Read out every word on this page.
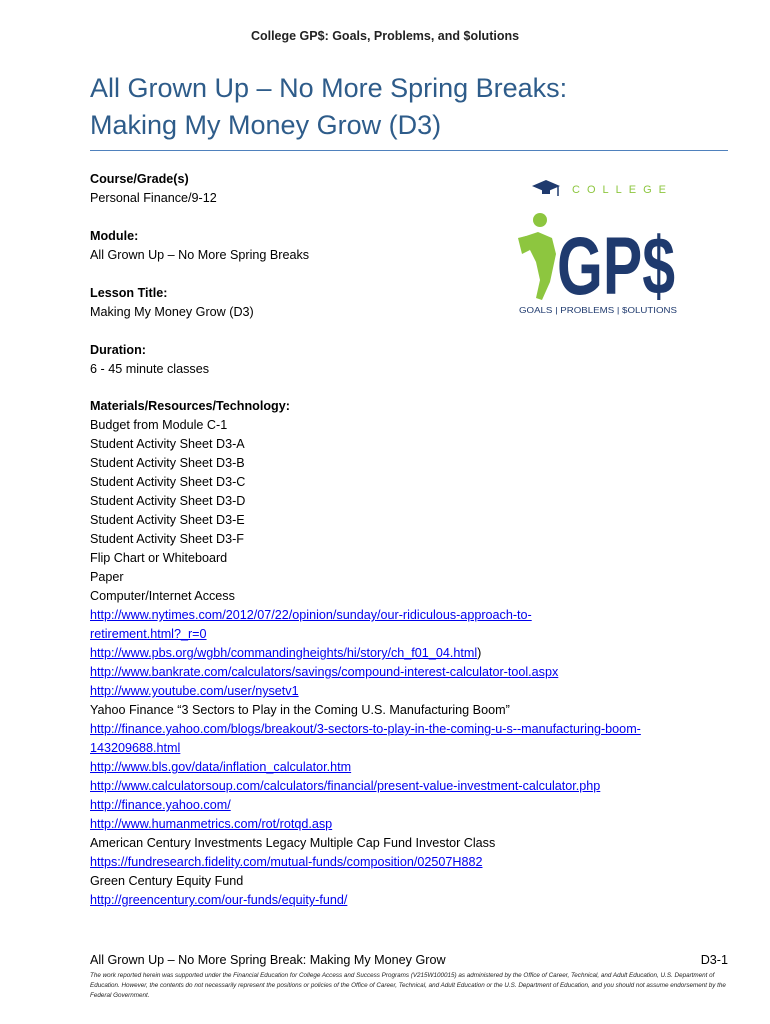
College GP$: Goals, Problems, and $olutions
All Grown Up – No More Spring Breaks:
Making My Money Grow (D3)
Course/Grade(s)
Personal Finance/9-12
Module:
All Grown Up – No More Spring Breaks
Lesson Title:
Making My Money Grow (D3)
Duration:
6 - 45 minute classes
COLLEGE
GP$
GOALS | PROBLEMS | $OLUTIONS
Materials/Resources/Technology:
Budget from Module C-1
Student Activity Sheet D3-A
Student Activity Sheet D3-B
Student Activity Sheet D3-C
Student Activity Sheet D3-D
Student Activity Sheet D3-E
Student Activity Sheet D3-F
Flip Chart or Whiteboard
Paper
Computer/Internet Access
http://www.nytimes.com/2012/07/22/opinion/sunday/our-ridiculous-approach-to-
retirement.html?_r=0
http://www.pbs.org/wgbh/commandingheights/hi/story/ch_f01_04.html)
http://www.bankrate.com/calculators/savings/compound-interest-calculator-tool.aspx
http://www.youtube.com/user/nysetv1
Yahoo Finance “3 Sectors to Play in the Coming U.S. Manufacturing Boom”
http://finance.yahoo.com/blogs/breakout/3-sectors-to-play-in-the-coming-u-s--manufacturing-boom-
143209688.html
http://www.bls.gov/data/inflation_calculator.htm
http://www.calculatorsoup.com/calculators/financial/present-value-investment-calculator.php
http://finance.yahoo.com/
http://www.humanmetrics.com/rot/rotqd.asp
American Century Investments Legacy Multiple Cap Fund Investor Class
https://fundresearch.fidelity.com/mutual-funds/composition/02507H882
Green Century Equity Fund
http://greencentury.com/our-funds/equity-fund/
All Grown Up – No More Spring Break: Making My Money Grow	D3-1
The work reported herein was supported under the Financial Education for College Access and Success Programs (V215W100015) as administered by the Office of Career, Technical, and Adult Education, U.S. Department of Education. However, the contents do not necessarily represent the positions or policies of the Office of Career, Technical, and Adult Education or the U.S. Department of Education, and you should not assume endorsement by the Federal Government.
